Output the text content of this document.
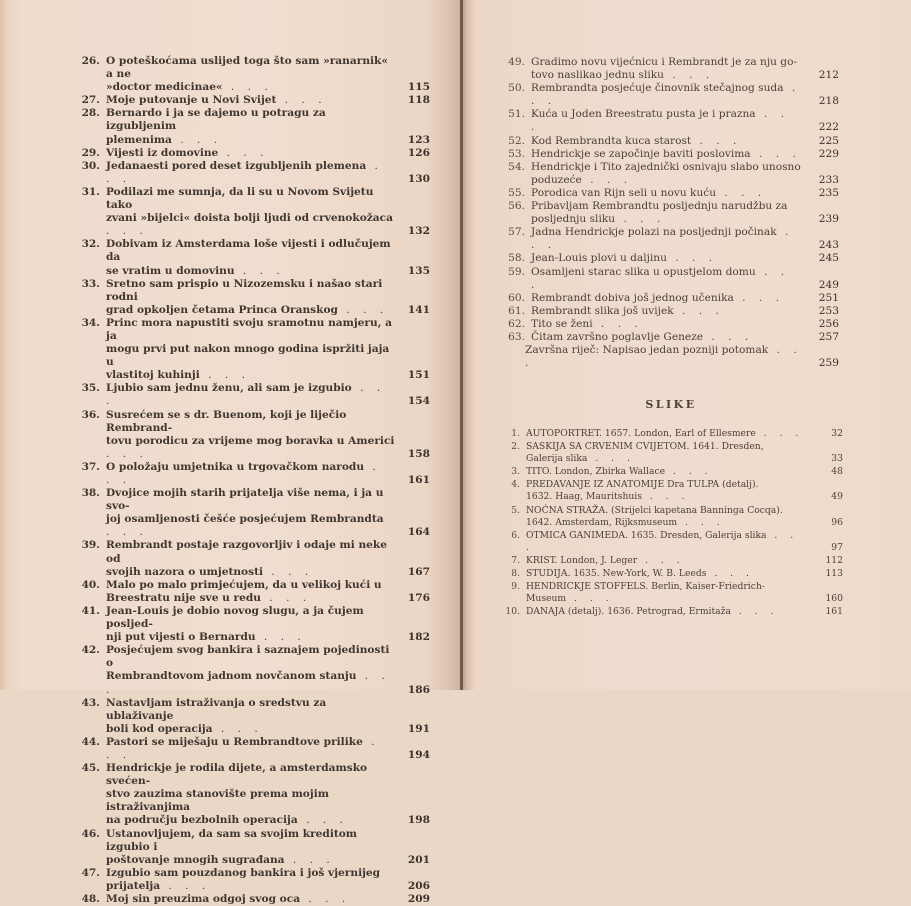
26. O poteškoćama uslijed toga što sam »ranarnik« a ne
»doctor medicinae« . . .	115
27. Moje putovanje u Novi Svijet . . .	118
28. Bernardo i ja se dajemo u potragu za izgubljenim
plemenima . . .	123
29. Vijesti iz domovine . . .	126
30. Jedanaesti pored deset izgubljenih plemena . . .	130
31. Podilazi me sumnja, da li su u Novom Svijetu tako
zvani »bijelci« doista bolji ljudi od crvenokožaca . . .	132
32. Dobivam iz Amsterdama loše vijesti i odlučujem da
se vratim u domovinu . . .	135
33. Sretno sam prispio u Nizozemsku i našao stari rodni
grad opkoljen četama Princa Oranskog . . .	141
34. Princ mora napustiti svoju sramotnu namjeru, a ja
mogu prvi put nakon mnogo godina ispržiti jaja u
vlastitoj kuhinji . . .	151
35. Ljubio sam jednu ženu, ali sam je izgubio . . .	154
36. Susrećem se s dr. Buenom, koji je liječio Rembrand-
tovu porodicu za vrijeme mog boravka u Americi . . .	158
37. O položaju umjetnika u trgovačkom narodu . . .	161
38. Dvojice mojih starih prijatelja više nema, i ja u svo-
joj osamljenosti češće posjećujem Rembrandta . . .	164
39. Rembrandt postaje razgovorljiv i odaje mi neke od
svojih nazora o umjetnosti . . .	167
40. Malo po malo primjećujem, da u velikoj kući u
Breestratu nije sve u redu . . .	176
41. Jean-Louis je dobio novog slugu, a ja čujem posljed-
nji put vijesti o Bernardu . . .	182
42. Posjećujem svog bankira i saznajem pojedinosti o
Rembrandtovom jadnom novčanom stanju . . .	186
43. Nastavljam istraživanja o sredstvu za ublaživanje
boli kod operacija . . .	191
44. Pastori se miješaju u Rembrandtove prilike . . .	194
45. Hendrickje je rodila dijete, a amsterdamsko svećen-
stvo zauzima stanovište prema mojim istraživanjima
na području bezbolnih operacija . . .	198
46. Ustanovljujem, da sam sa svojim kreditom izgubio i
poštovanje mnogih sugrađana . . .	201
47. Izgubio sam pouzdanog bankira i još vjernijeg
prijatelja . . .	206
48. Moj sin preuzima odgoj svog oca . . .	209
49. Gradimo novu vijećnicu i Rembrandt je za nju go-
tovo naslikao jednu sliku . . .	212
50. Rembrandta posjećuje činovnik stečajnog suda . . .	218
51. Kuća u Joden Breestratu pusta je i prazna . . .	222
52. Kod Rembrandta kuca starost . . .	225
53. Hendrickje se započinje baviti poslovima . . .	229
54. Hendrickje i Tito zajednički osnivaju slabo unosno
poduzeće . . .	233
55. Porodica van Rijn seli u novu kuću . . .	235
56. Pribavljam Rembrandtu posljednju narudžbu za
posljednju sliku . . .	239
57. Jadna Hendrickje polazi na posljednji počinak . . .	243
58. Jean-Louis plovi u daljinu . . .	245
59. Osamljeni starac slika u opustjelom domu . . .	249
60. Rembrandt dobiva još jednog učenika . . .	251
61. Rembrandt slika još uvijek . . .	253
62. Tito se ženi . . .	256
63. Čitam završno poglavlje Geneze . . .	257
Završna riječ: Napisao jedan pozniji potomak . . .	259
SLIKE
1. AUTOPORTRET. 1657. London, Earl of Ellesmere . . .	32
2. SASKIJA SA CRVENIM CVIJETOM. 1641. Dresden,
Galerija slika . . .	33
3. TITO. London, Zbirka Wallace . . .	48
4. PREDAVANJE IZ ANATOMIJE Dra TULPA (detalj).
1632. Haag, Mauritshuis . . .	49
5. NOĆNA STRAŽA. (Strijelci kapetana Banninga Cocqa).
1642. Amsterdam, Rijksmuseum . . .	96
6. OTMICA GANIMEDA. 1635. Dresden, Galerija slika . . .	97
7. KRIST. London, J. Leger . . .	112
8. STUDIJA. 1635. New-York, W. B. Leeds . . .	113
9. HENDRICKJE STOFFELS. Berlin, Kaiser-Friedrich-
Museum . . .	160
10. DANAJA (detalj). 1636. Petrograd, Ermitaža . . .	161
